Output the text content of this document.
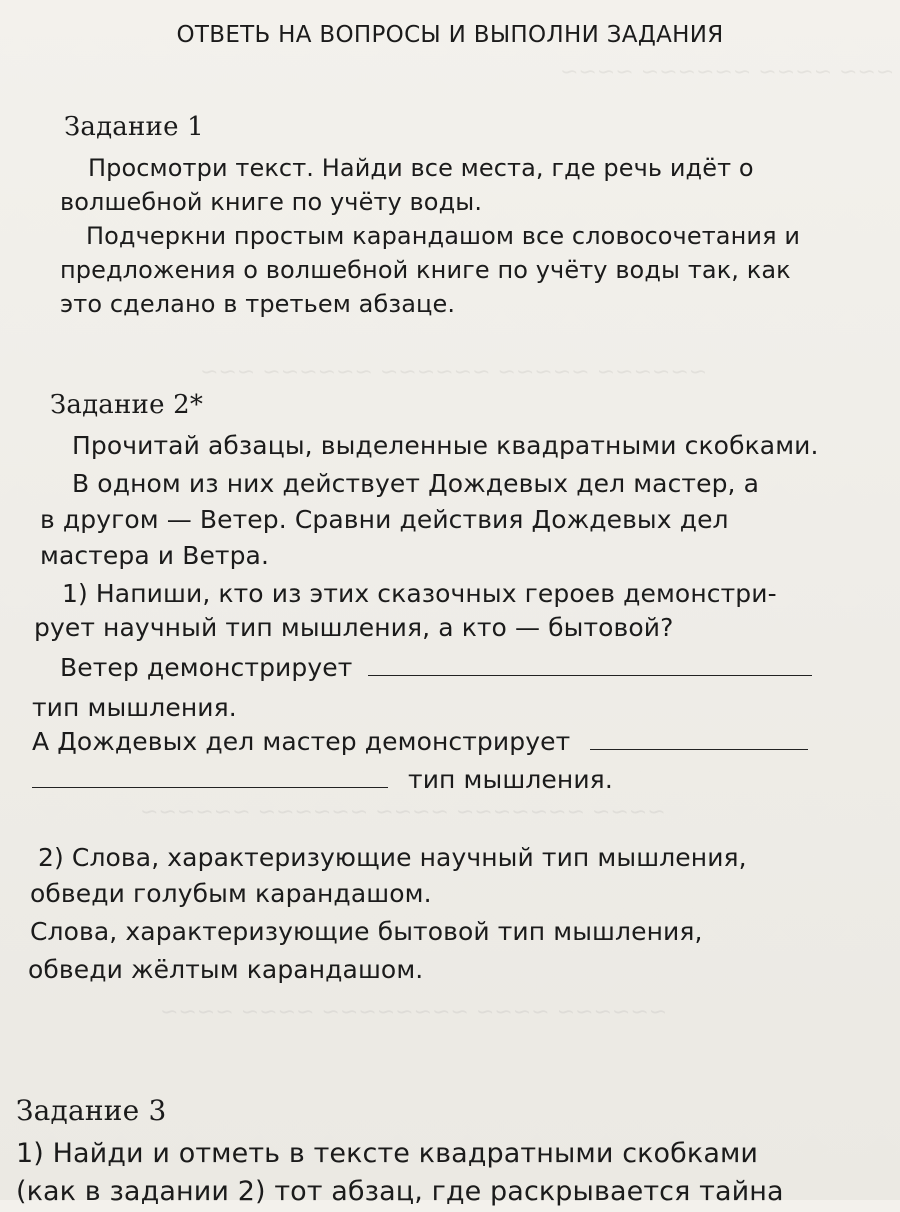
~~~ ~~~~ ~~~~~~ ~~~~
~~~~~~ ~~~~~ ~~~~~~ ~~~~~~ ~~~
~~~~ ~~~~~~~ ~~~~ ~~~~~~ ~~~~~~
~~~~~~ ~~~~ ~~~~~~~~ ~~~~ ~~~~
ОТВЕТЬ НА ВОПРОСЫ И ВЫПОЛНИ ЗАДАНИЯ
Задание 1
Просмотри текст. Найди все места, где речь идёт о
волшебной книге по учёту воды.
Подчеркни простым карандашом все словосочетания и
предложения о волшебной книге по учёту воды так, как
это сделано в третьем абзаце.
Задание 2*
Прочитай абзацы, выделенные квадратными скобками.
В одном из них действует Дождевых дел мастер, а
в другом — Ветер. Сравни действия Дождевых дел
мастера и Ветра.
1) Напиши, кто из этих сказочных героев демонстри-
рует научный тип мышления, а кто — бытовой?
Ветер демонстрирует
тип мышления.
А Дождевых дел мастер демонстрирует
тип мышления.
2) Слова, характеризующие научный тип мышления,
обведи голубым карандашом.
Слова, характеризующие бытовой тип мышления,
обведи жёлтым карандашом.
Задание 3
1) Найди и отметь в тексте квадратными скобками
(как в задании 2) тот абзац, где раскрывается тайна
